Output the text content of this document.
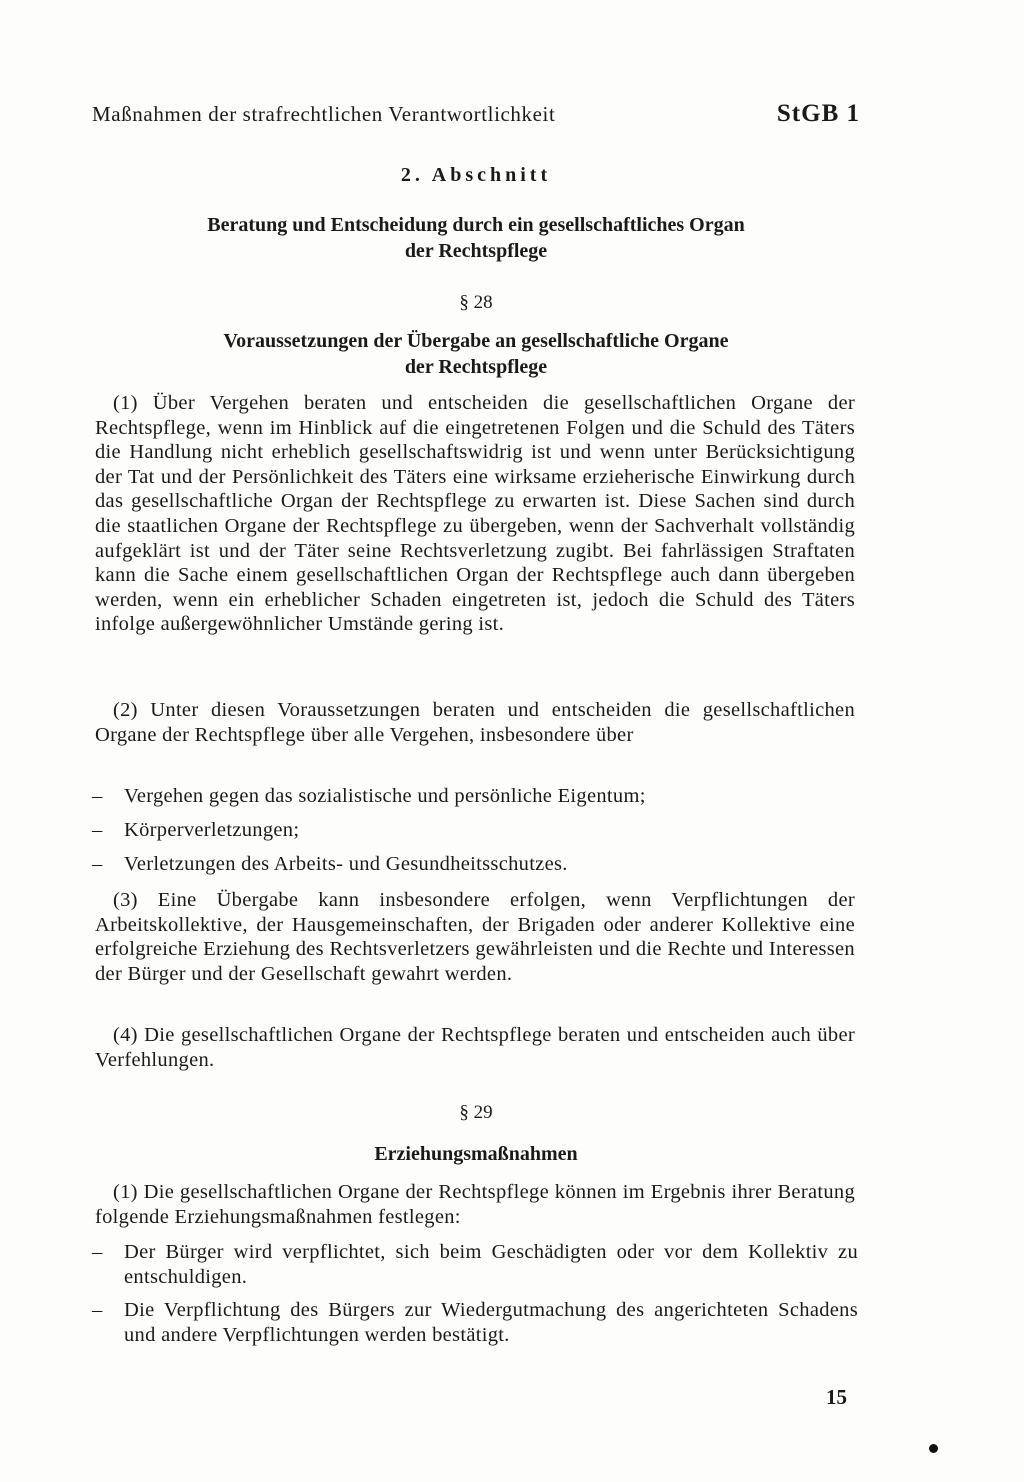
Maßnahmen der strafrechtlichen Verantwortlichkeit	StGB 1
2. Abschnitt
Beratung und Entscheidung durch ein gesellschaftliches Organ
der Rechtspflege
§ 28
Voraussetzungen der Übergabe an gesellschaftliche Organe
der Rechtspflege

(1) Über Vergehen beraten und entscheiden die gesellschaftlichen Organe der Rechtspflege, wenn im Hinblick auf die eingetretenen Folgen und die Schuld des Täters die Handlung nicht erheblich gesellschaftswidrig ist und wenn unter Berücksichtigung der Tat und der Persönlichkeit des Täters eine wirksame erzieherische Einwirkung durch das gesellschaftliche Organ der Rechtspflege zu erwarten ist. Diese Sachen sind durch die staatlichen Organe der Rechtspflege zu übergeben, wenn der Sachverhalt vollständig aufgeklärt ist und der Täter seine Rechtsverletzung zugibt. Bei fahrlässigen Straftaten kann die Sache einem gesellschaftlichen Organ der Rechtspflege auch dann übergeben werden, wenn ein erheblicher Schaden eingetreten ist, jedoch die Schuld des Täters infolge außergewöhnlicher Umstände gering ist.

(2) Unter diesen Voraussetzungen beraten und entscheiden die gesellschaftlichen Organe der Rechtspflege über alle Vergehen, insbesondere über

–	Vergehen gegen das sozialistische und persönliche Eigentum;
–	Körperverletzungen;
–	Verletzungen des Arbeits- und Gesundheitsschutzes.

(3) Eine Übergabe kann insbesondere erfolgen, wenn Verpflichtungen der Arbeitskollektive, der Hausgemeinschaften, der Brigaden oder anderer Kollektive eine erfolgreiche Erziehung des Rechtsverletzers gewährleisten und die Rechte und Interessen der Bürger und der Gesellschaft gewahrt werden.

(4) Die gesellschaftlichen Organe der Rechtspflege beraten und entscheiden auch über Verfehlungen.

§ 29
Erziehungsmaßnahmen

(1) Die gesellschaftlichen Organe der Rechtspflege können im Ergebnis ihrer Beratung folgende Erziehungsmaßnahmen festlegen:

–	Der Bürger wird verpflichtet, sich beim Geschädigten oder vor dem Kollektiv zu entschuldigen.
–	Die Verpflichtung des Bürgers zur Wiedergutmachung des angerichteten Schadens und andere Verpflichtungen werden bestätigt.
15
